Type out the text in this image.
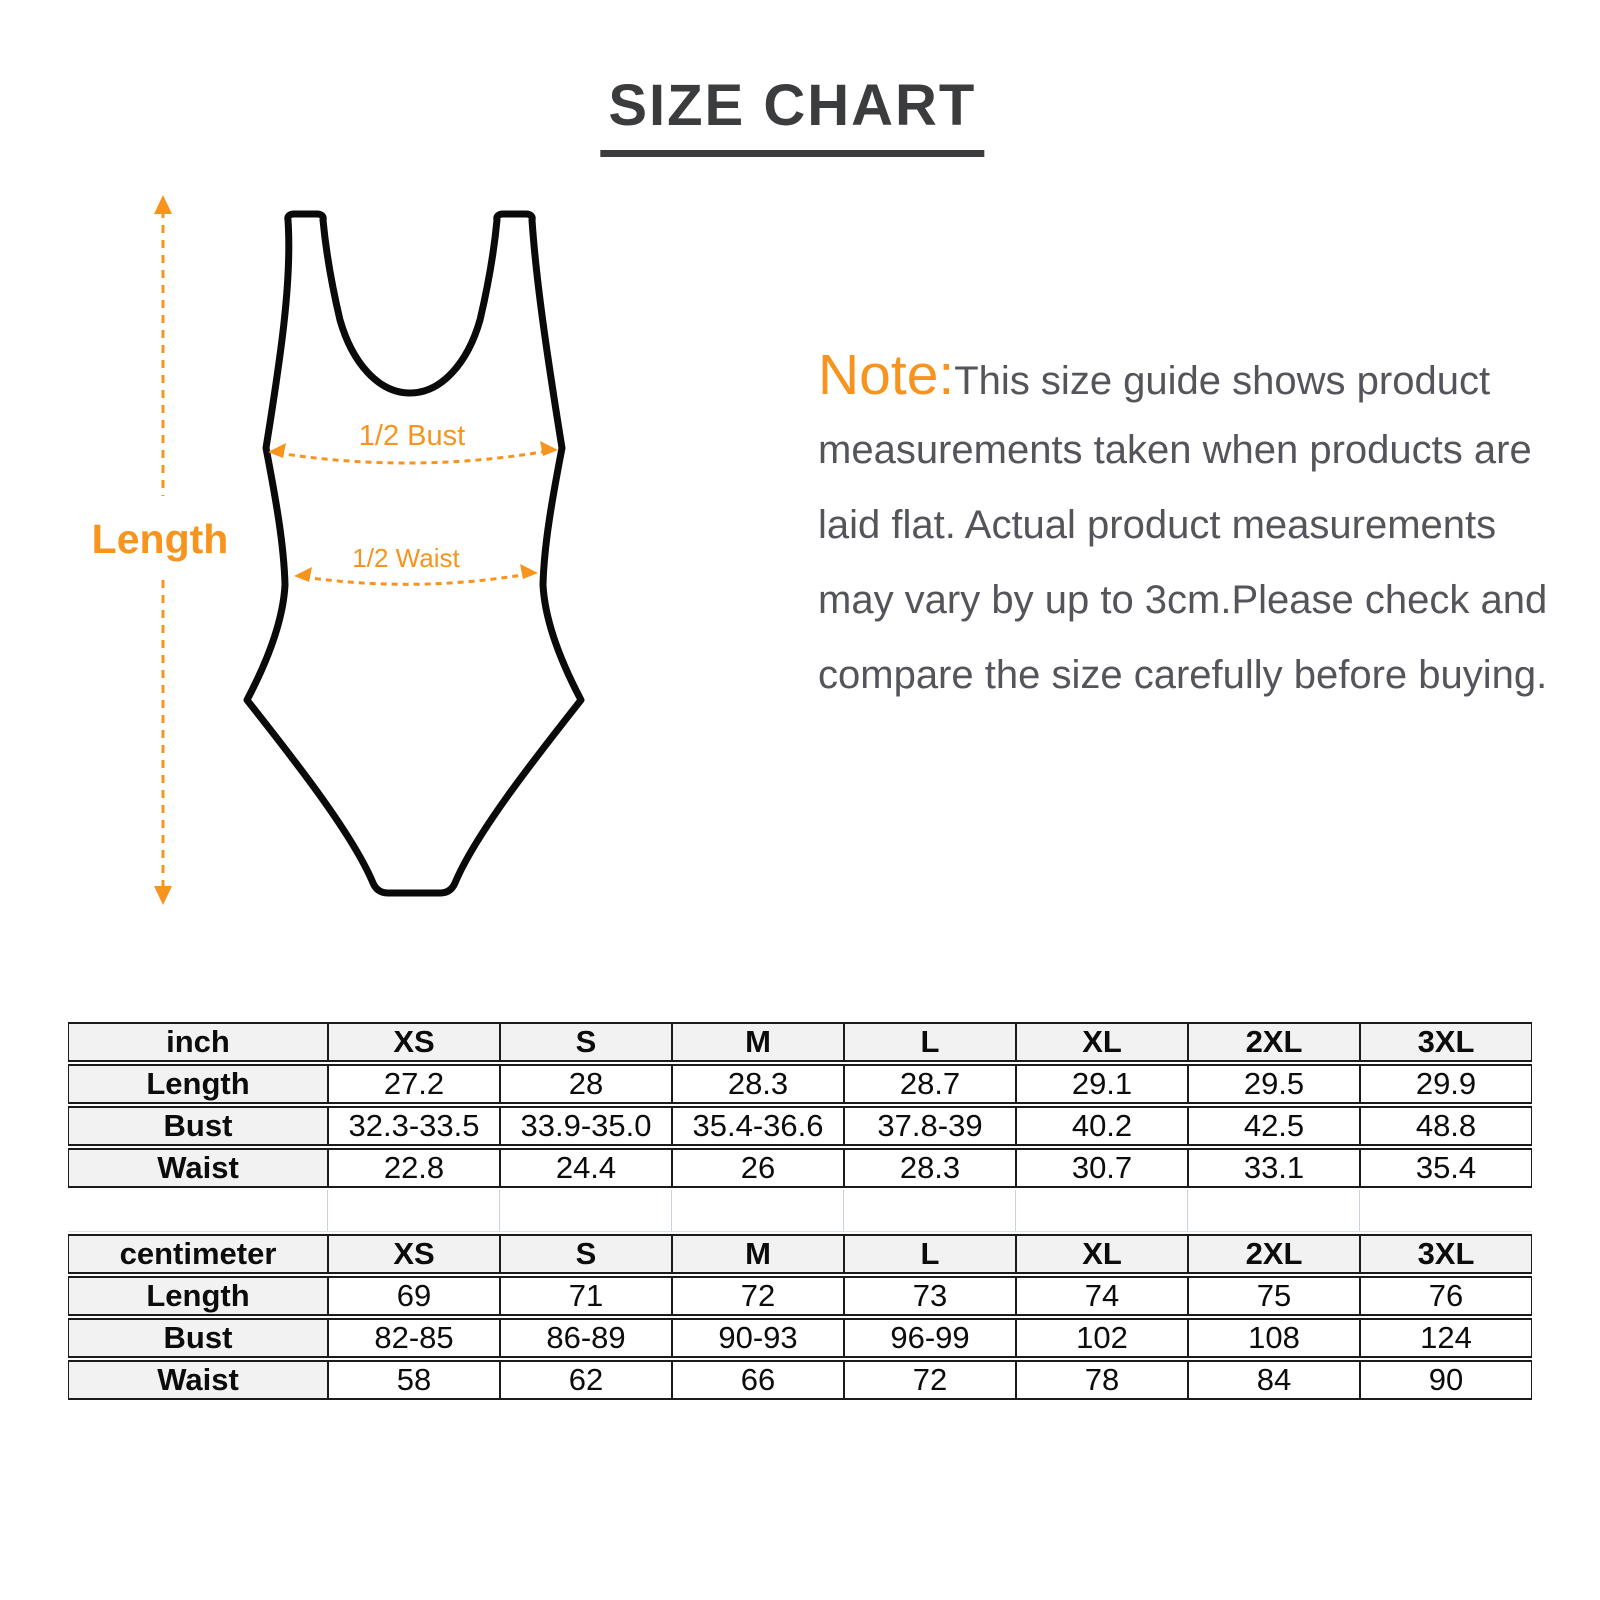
SIZE CHART
Length
1/2 Bust
1/2 Waist
Note:This size guide shows product
measurements taken when products are
laid flat. Actual product measurements
may vary by up to 3cm.Please check and
compare the size carefully before buying.
inch	XS	S	M	L	XL	2XL	3XL
Length	27.2	28	28.3	28.7	29.1	29.5	29.9
Bust	32.3-33.5	33.9-35.0	35.4-36.6	37.8-39	40.2	42.5	48.8
Waist	22.8	24.4	26	28.3	30.7	33.1	35.4
centimeter	XS	S	M	L	XL	2XL	3XL
Length	69	71	72	73	74	75	76
Bust	82-85	86-89	90-93	96-99	102	108	124
Waist	58	62	66	72	78	84	90
